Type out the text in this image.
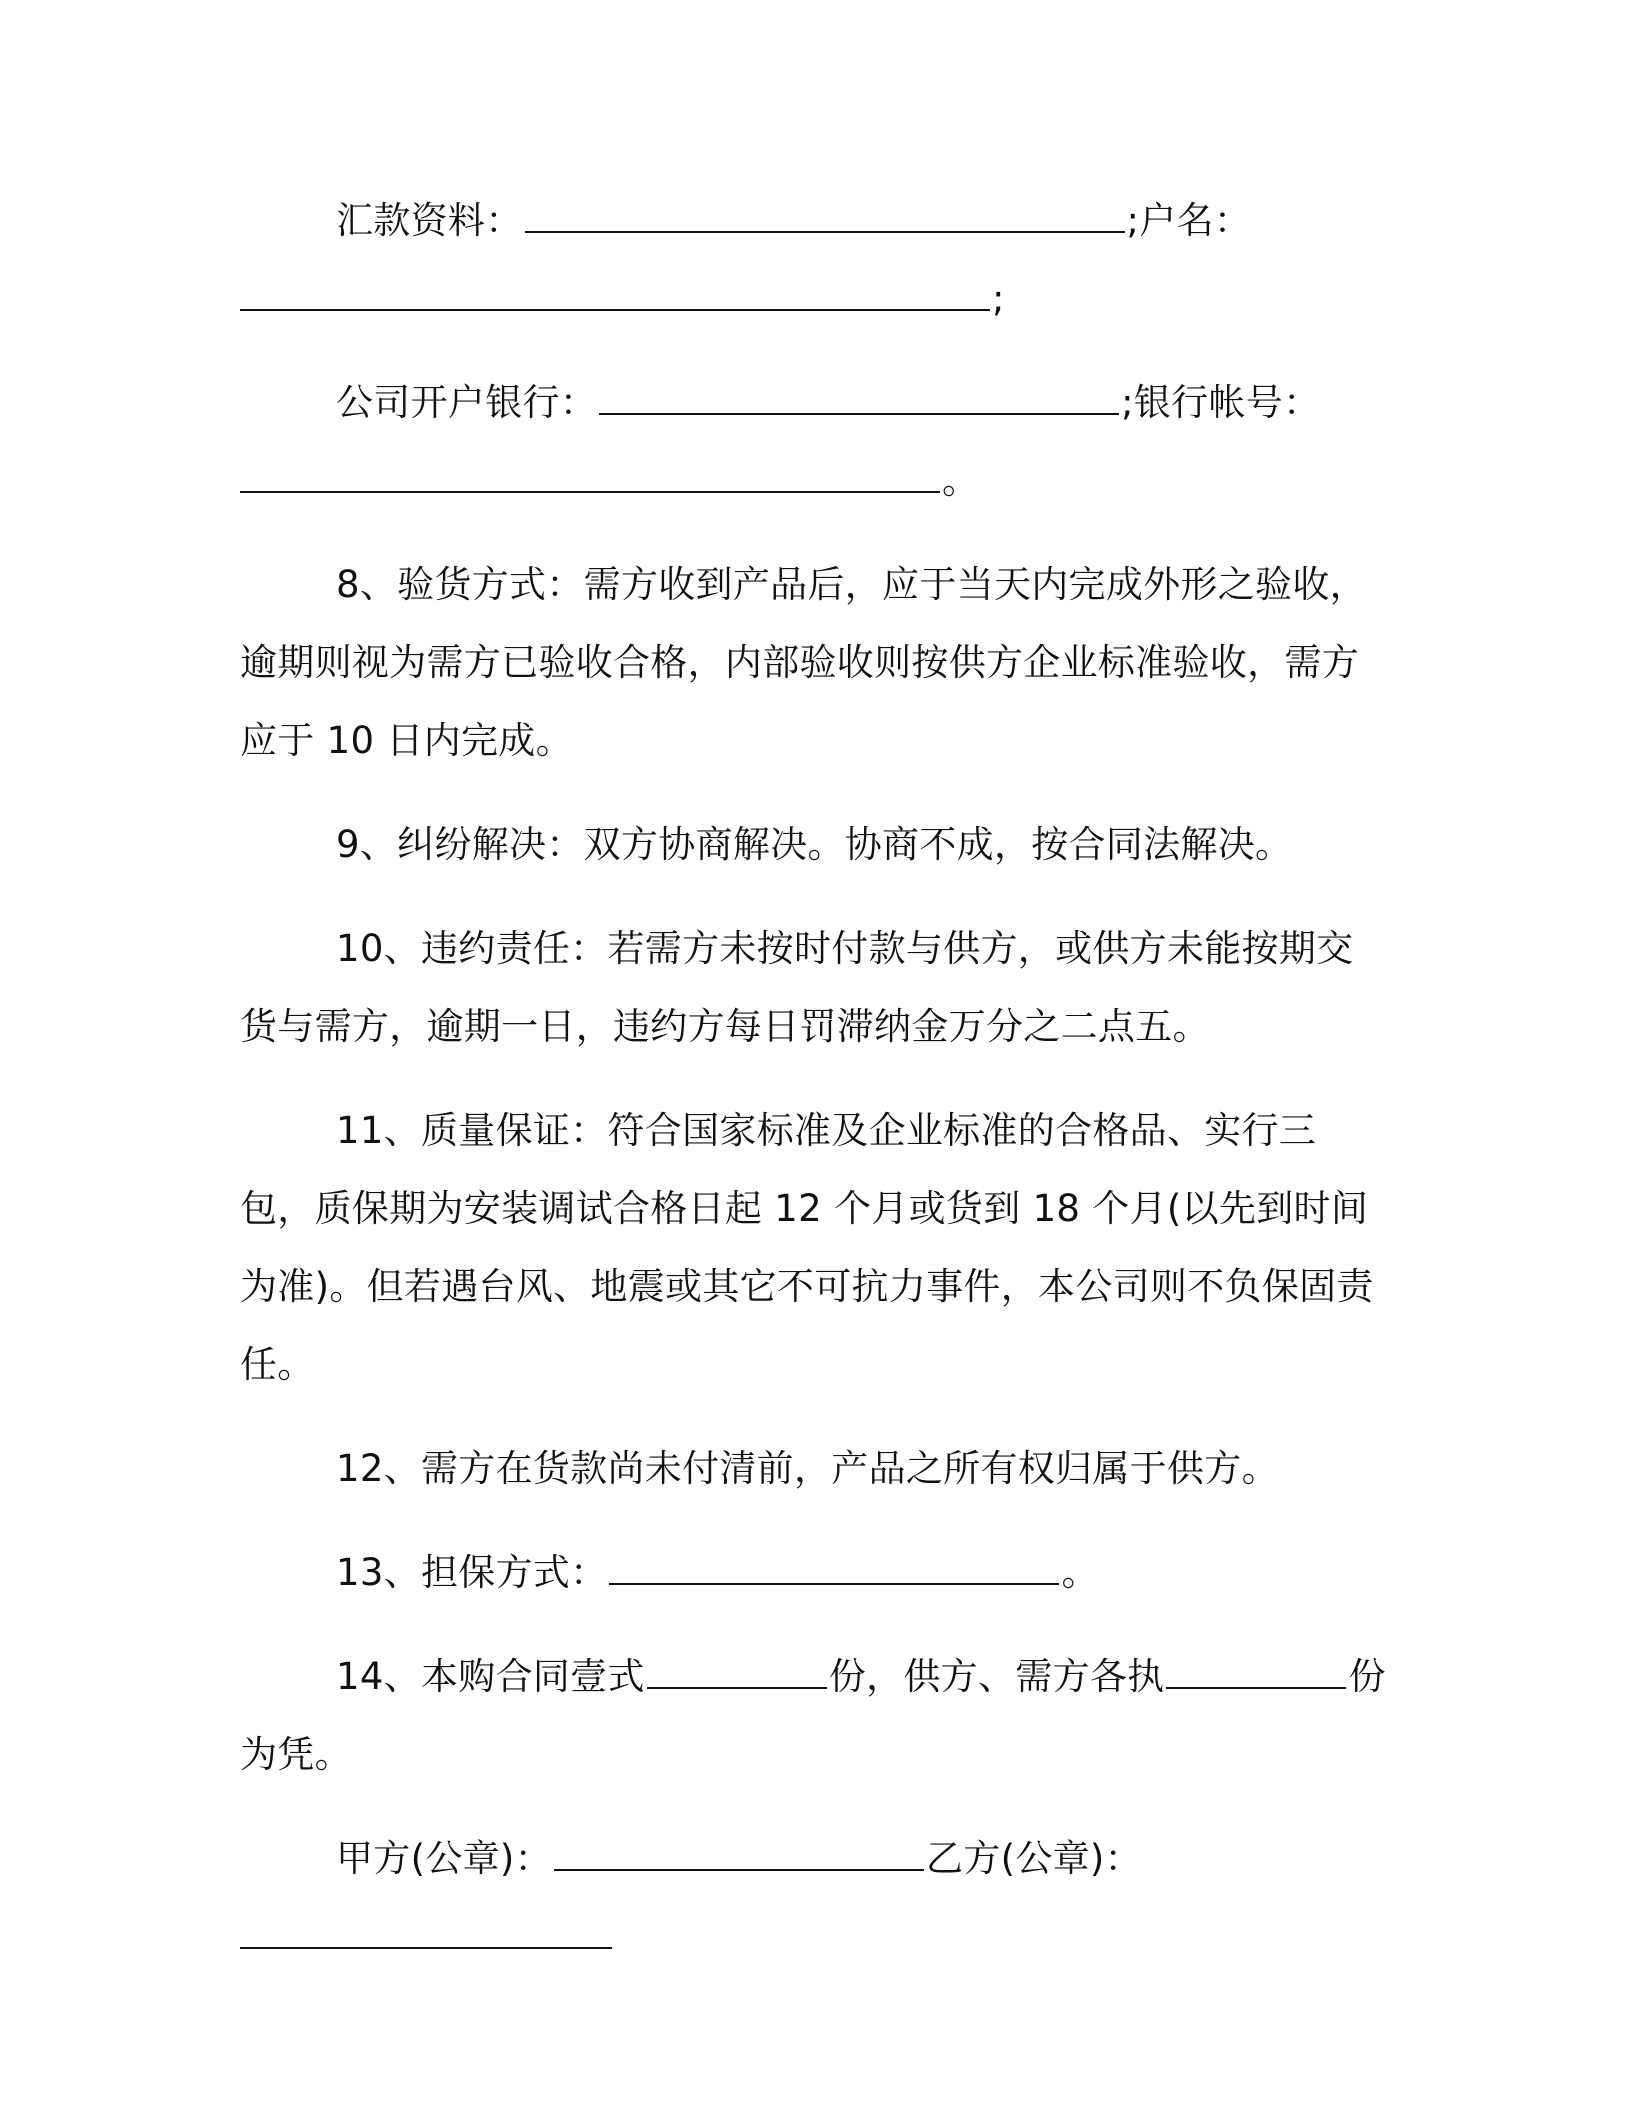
汇款资料：	;户名：
;

公司开户银行：	;银行帐号：
。

8、验货方式：需方收到产品后，应于当天内完成外形之验收，逾期则视为需方已验收合格，内部验收则按供方企业标准验收，需方应于 10 日内完成。

9、纠纷解决：双方协商解决。协商不成，按合同法解决。

10、违约责任：若需方未按时付款与供方，或供方未能按期交货与需方，逾期一日，违约方每日罚滞纳金万分之二点五。

11、质量保证：符合国家标准及企业标准的合格品、实行三包，质保期为安装调试合格日起 12 个月或货到 18 个月(以先到时间为准)。但若遇台风、地震或其它不可抗力事件，本公司则不负保固责任。

12、需方在货款尚未付清前，产品之所有权归属于供方。

13、担保方式：	。

14、本购合同壹式	份，供方、需方各执	份为凭。

甲方(公章)：	乙方(公章)：
